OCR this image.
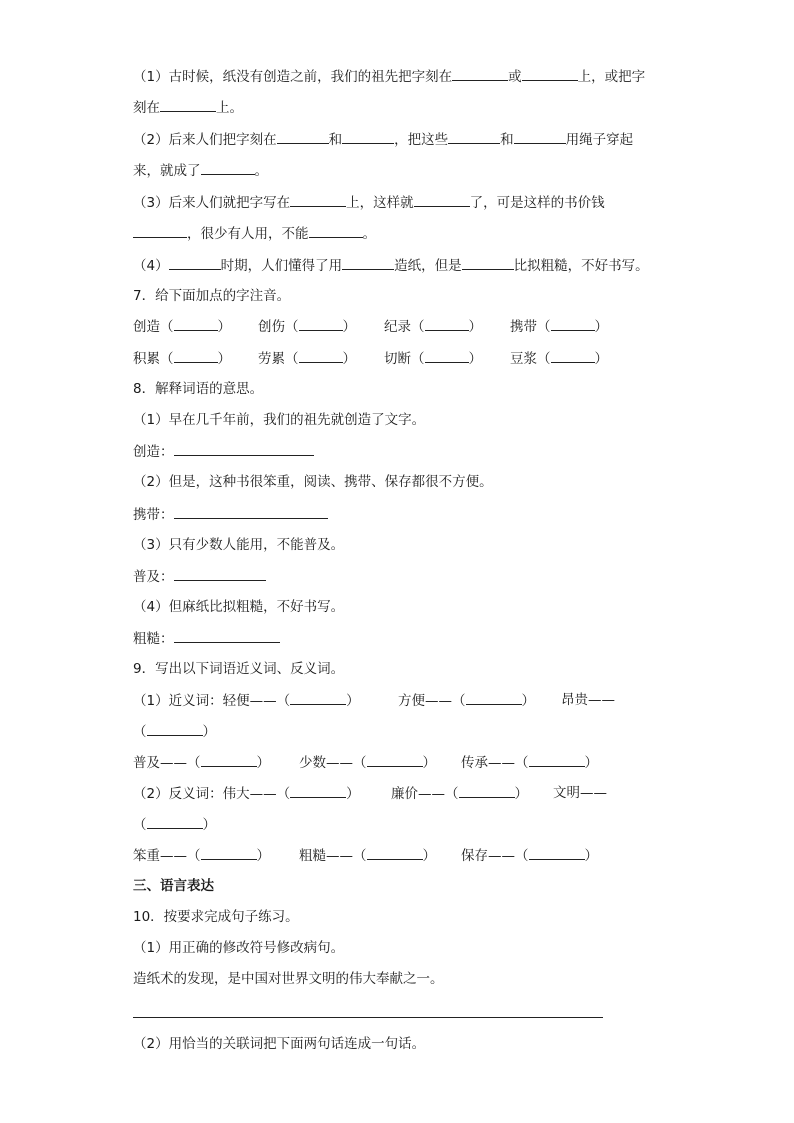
（1）古时候，纸没有创造之前，我们的祖先把字刻在	或	上，或把字
刻在	上。
（2）后来人们把字刻在	和	，把这些	和	用绳子穿起
来，就成了	。
（3）后来人们就把字写在	上，这样就	了，可是这样的书价钱
，很少有人用，不能	。
（4）	时期，人们懂得了用	造纸，但是	比拟粗糙，不好书写。
7．给下面加点的字注音。
创造（	） 创伤（	） 纪录（	） 携带（	）
积累（	） 劳累（	） 切断（	） 豆浆（	）
8．解释词语的意思。
（1）早在几千年前，我们的祖先就创造了文字。
创造：
（2）但是，这种书很笨重，阅读、携带、保存都很不方便。
携带：
（3）只有少数人能用，不能普及。
普及：
（4）但麻纸比拟粗糙，不好书写。
粗糙：
9．写出以下词语近义词、反义词。
（1）近义词：轻便——（	）	方便——（	） 昂贵——
（	）
普及——（	） 少数——（	） 传承——（	）
（2）反义词：伟大——（	） 廉价——（	） 文明——
（	）
笨重——（	） 粗糙——（	） 保存——（	）
三、语言表达
10．按要求完成句子练习。
（1）用正确的修改符号修改病句。
造纸术的发现，是中国对世界文明的伟大奉献之一。
（2）用恰当的关联词把下面两句话连成一句话。
